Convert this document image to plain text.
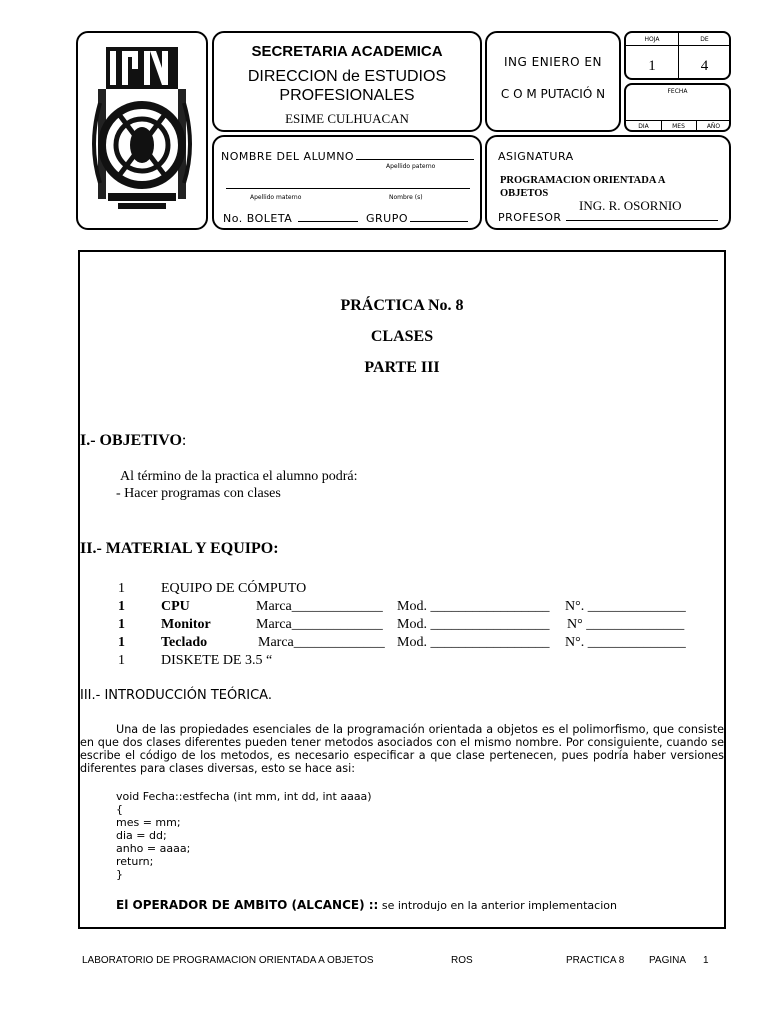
SECRETARIA ACADEMICA
DIRECCION de ESTUDIOS
PROFESIONALES
ESIME CULHUACAN
ING ENIERO EN
C O M PUTACIÓ N
HOJA	DE
1	4
FECHA
DIA	MES	AÑO
NOMBRE DEL ALUMNO
Apellido paterno
Apellido materno	Nombre (s)
No. BOLETA	GRUPO
ASIGNATURA
PROGRAMACION ORIENTADA A
OBJETOS
ING. R. OSORNIO
PROFESOR
PRÁCTICA No. 8
CLASES
PARTE III
I.- OBJETIVO:
Al término de la practica el alumno podrá:
- Hacer programas con clases
II.- MATERIAL Y EQUIPO:
1	EQUIPO DE CÓMPUTO
1	CPU	Marca_____________ Mod. _________________ N°. ______________
1	Monitor	Marca_____________ Mod. _________________ N° ______________
1	Teclado	Marca_____________ Mod. _________________ N°. ______________
1	DISKETE DE 3.5 “
III.- INTRODUCCIÓN TEÓRICA.
Una de las propiedades esenciales de la programación orientada a objetos es el polimorfismo, que consiste en que dos clases diferentes pueden tener metodos asociados con el mismo nombre. Por consiguiente, cuando se escribe el código de los metodos, es necesario especificar a que clase pertenecen, pues podría haber versiones diferentes para clases diversas, esto se hace asi:
void Fecha::estfecha (int mm, int dd, int aaaa)
{
mes = mm;
dia = dd;
anho = aaaa;
return;
}
El OPERADOR DE AMBITO (ALCANCE) :: se introdujo en la anterior implementacion
LABORATORIO DE PROGRAMACION ORIENTADA A OBJETOS	ROS	PRACTICA 8 PAGINA 1
